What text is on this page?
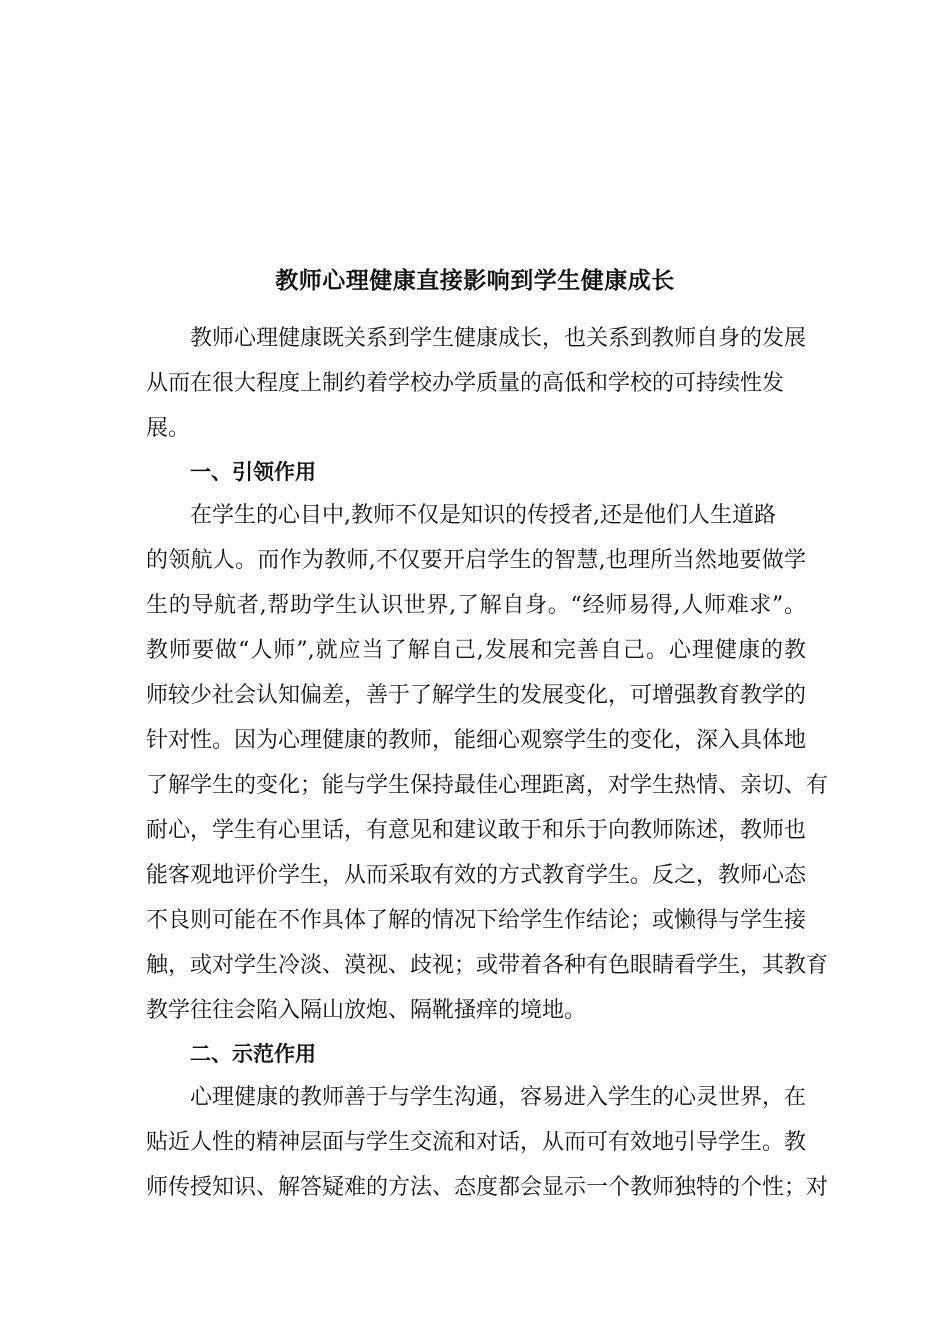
教师心理健康直接影响到学生健康成长
教师心理健康既关系到学生健康成长，也关系到教师自身的发展
从而在很大程度上制约着学校办学质量的高低和学校的可持续性发
展。
一、引领作用
在学生的心目中,教师不仅是知识的传授者,还是他们人生道路
的领航人。而作为教师,不仅要开启学生的智慧,也理所当然地要做学
生的导航者,帮助学生认识世界,了解自身。“经师易得,人师难求”。
教师要做“人师”,就应当了解自己,发展和完善自己。心理健康的教
师较少社会认知偏差，善于了解学生的发展变化，可增强教育教学的
针对性。因为心理健康的教师，能细心观察学生的变化，深入具体地
了解学生的变化；能与学生保持最佳心理距离，对学生热情、亲切、有
耐心，学生有心里话，有意见和建议敢于和乐于向教师陈述，教师也
能客观地评价学生，从而采取有效的方式教育学生。反之，教师心态
不良则可能在不作具体了解的情况下给学生作结论；或懒得与学生接
触，或对学生冷淡、漠视、歧视；或带着各种有色眼睛看学生，其教育
教学往往会陷入隔山放炮、隔靴搔痒的境地。
二、示范作用
心理健康的教师善于与学生沟通，容易进入学生的心灵世界，在
贴近人性的精神层面与学生交流和对话，从而可有效地引导学生。教
师传授知识、解答疑难的方法、态度都会显示一个教师独特的个性；对
